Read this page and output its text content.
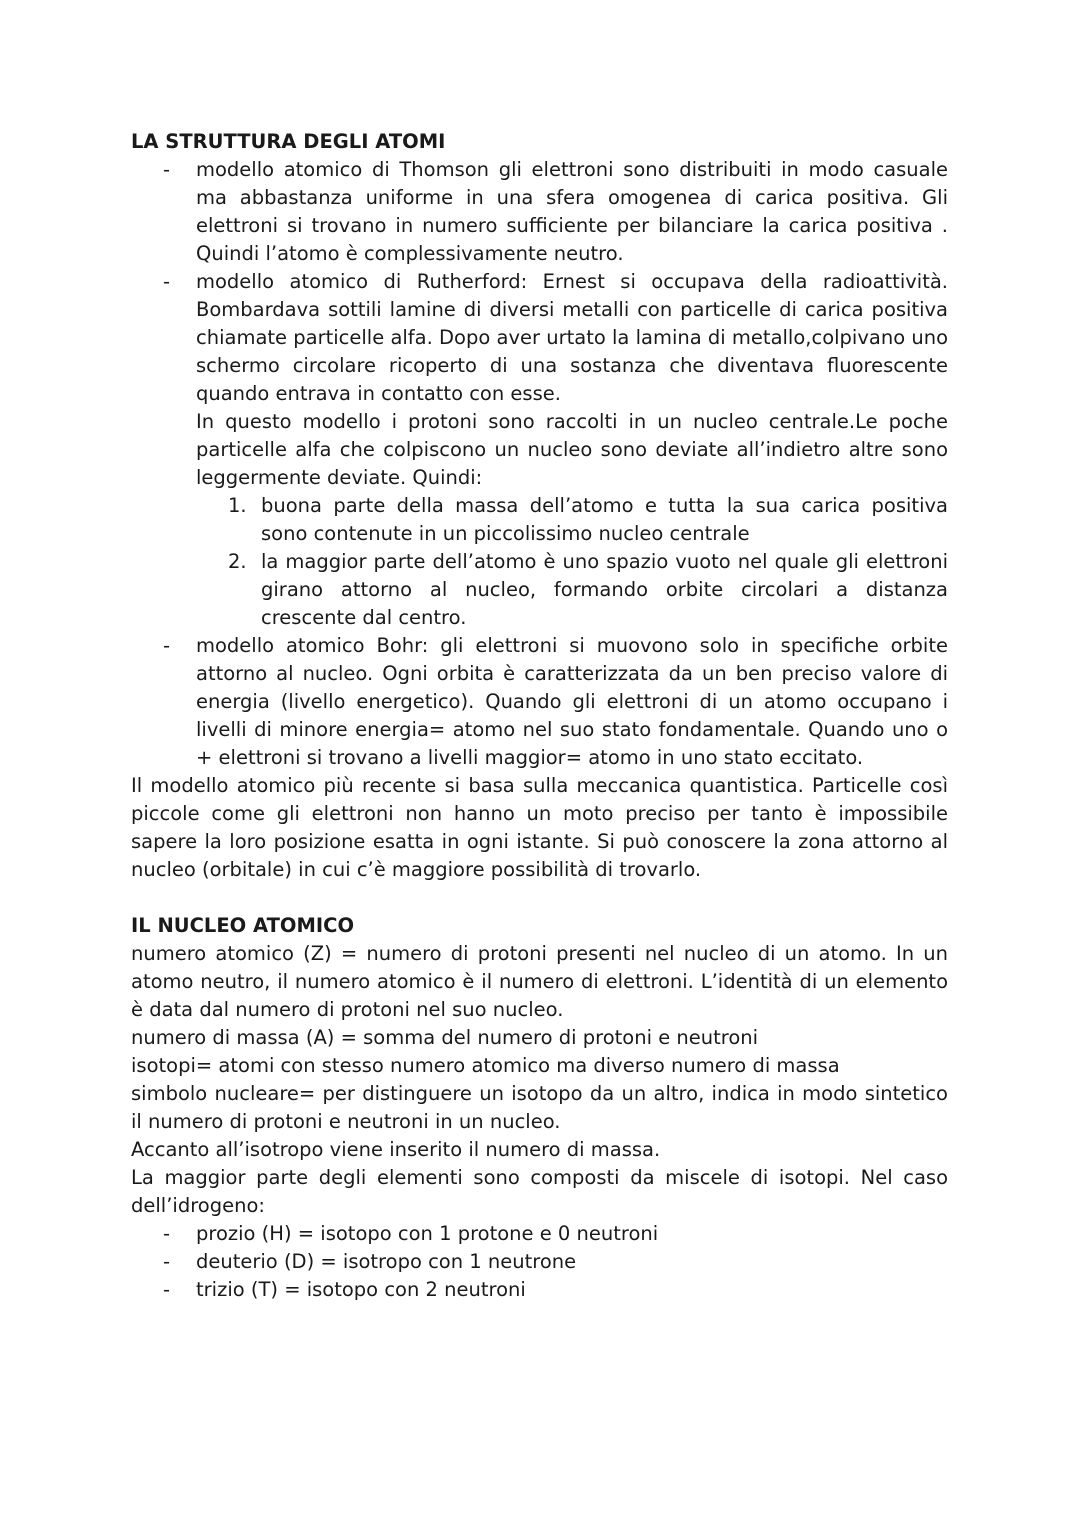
LA STRUTTURA DEGLI ATOMI
- modello atomico di Thomson gli elettroni sono distribuiti in modo casuale ma abbastanza uniforme in una sfera omogenea di carica positiva. Gli elettroni si trovano in numero sufficiente per bilanciare la carica positiva . Quindi l’atomo è complessivamente neutro.
- modello atomico di Rutherford: Ernest si occupava della radioattività. Bombardava sottili lamine di diversi metalli con particelle di carica positiva chiamate particelle alfa. Dopo aver urtato la lamina di metallo,colpivano uno schermo circolare ricoperto di una sostanza che diventava fluorescente quando entrava in contatto con esse.
In questo modello i protoni sono raccolti in un nucleo centrale.Le poche particelle alfa che colpiscono un nucleo sono deviate all’indietro altre sono leggermente deviate. Quindi:
1. buona parte della massa dell’atomo e tutta la sua carica positiva sono contenute in un piccolissimo nucleo centrale
2. la maggior parte dell’atomo è uno spazio vuoto nel quale gli elettroni girano attorno al nucleo, formando orbite circolari a distanza crescente dal centro.
- modello atomico Bohr: gli elettroni si muovono solo in specifiche orbite attorno al nucleo. Ogni orbita è caratterizzata da un ben preciso valore di energia (livello energetico). Quando gli elettroni di un atomo occupano i livelli di minore energia= atomo nel suo stato fondamentale. Quando uno o + elettroni si trovano a livelli maggior= atomo in uno stato eccitato.

Il modello atomico più recente si basa sulla meccanica quantistica. Particelle così piccole come gli elettroni non hanno un moto preciso per tanto è impossibile sapere la loro posizione esatta in ogni istante. Si può conoscere la zona attorno al nucleo (orbitale) in cui c’è maggiore possibilità di trovarlo.

IL NUCLEO ATOMICO

numero atomico (Z) = numero di protoni presenti nel nucleo di un atomo. In un atomo neutro, il numero atomico è il numero di elettroni. L’identità di un elemento è data dal numero di protoni nel suo nucleo.

numero di massa (A) = somma del numero di protoni e neutroni

isotopi= atomi con stesso numero atomico ma diverso numero di massa

simbolo nucleare= per distinguere un isotopo da un altro, indica in modo sintetico il numero di protoni e neutroni in un nucleo.

Accanto all’isotropo viene inserito il numero di massa.

La maggior parte degli elementi sono composti da miscele di isotopi. Nel caso dell’idrogeno:

- prozio (H) = isotopo con 1 protone e 0 neutroni
- deuterio (D) = isotropo con 1 neutrone
- trizio (T) = isotopo con 2 neutroni
